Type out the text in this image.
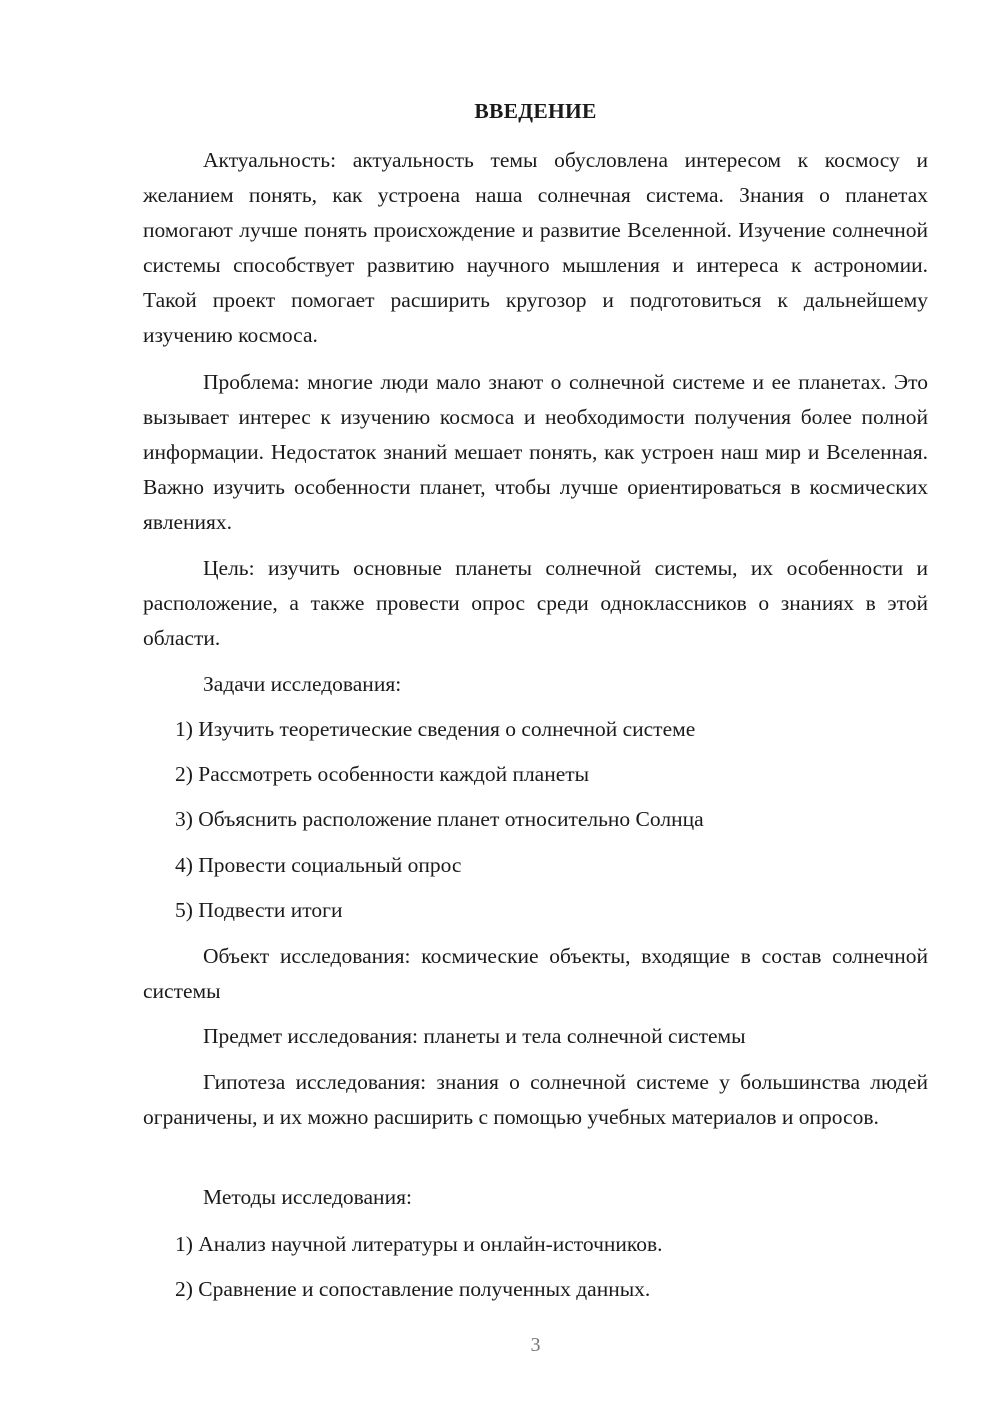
ВВЕДЕНИЕ

Актуальность: актуальность темы обусловлена интересом к космосу и желанием понять, как устроена наша солнечная система. Знания о планетах помогают лучше понять происхождение и развитие Вселенной. Изучение солнечной системы способствует развитию научного мышления и интереса к астрономии. Такой проект помогает расширить кругозор и подготовиться к дальнейшему изучению космоса.

Проблема: многие люди мало знают о солнечной системе и ее планетах. Это вызывает интерес к изучению космоса и необходимости получения более полной информации. Недостаток знаний мешает понять, как устроен наш мир и Вселенная. Важно изучить особенности планет, чтобы лучше ориентироваться в космических явлениях.

Цель: изучить основные планеты солнечной системы, их особенности и расположение, а также провести опрос среди одноклассников о знаниях в этой области.

Задачи исследования:

1) Изучить теоретические сведения о солнечной системе

2) Рассмотреть особенности каждой планеты

3) Объяснить расположение планет относительно Солнца

4) Провести социальный опрос

5) Подвести итоги

Объект исследования: космические объекты, входящие в состав солнечной системы

Предмет исследования: планеты и тела солнечной системы

Гипотеза исследования: знания о солнечной системе у большинства людей ограничены, и их можно расширить с помощью учебных материалов и опросов.

Методы исследования:

1) Анализ научной литературы и онлайн-источников.

2) Сравнение и сопоставление полученных данных.

3
